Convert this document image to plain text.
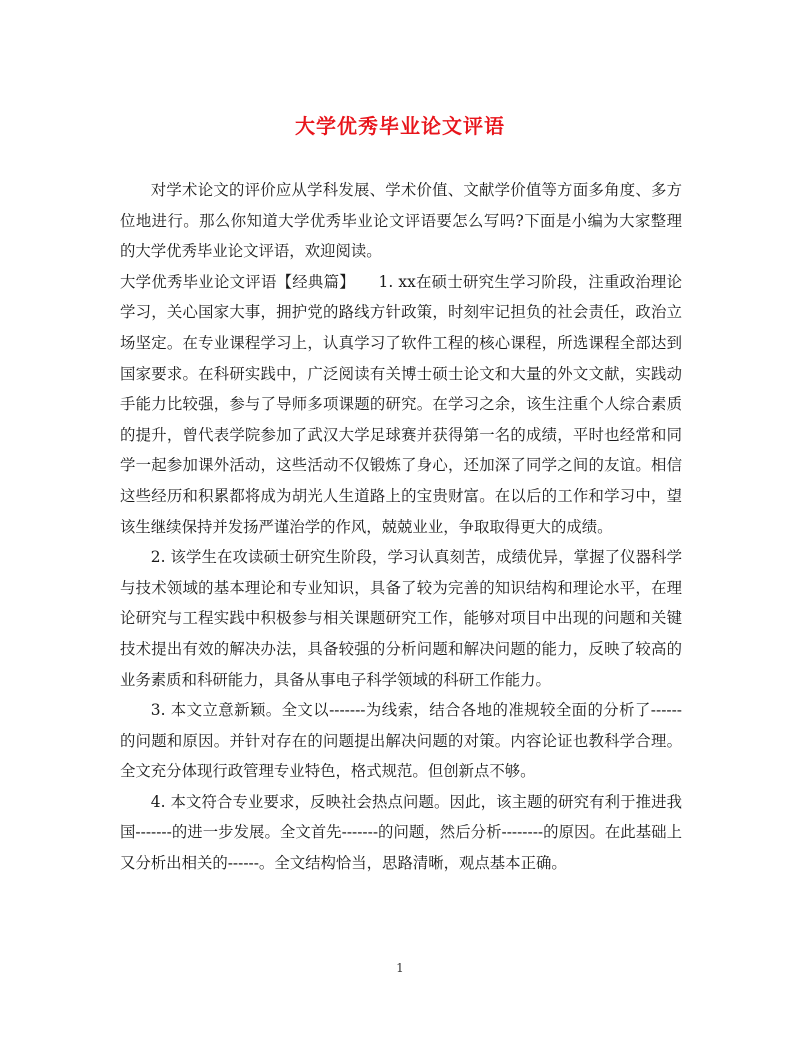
大学优秀毕业论文评语

对学术论文的评价应从学科发展、学术价值、文献学价值等方面多角度、多方位地进行。那么你知道大学优秀毕业论文评语要怎么写吗?下面是小编为大家整理的大学优秀毕业论文评语，欢迎阅读。

大学优秀毕业论文评语【经典篇】　　1. xx在硕士研究生学习阶段，注重政治理论学习，关心国家大事，拥护党的路线方针政策，时刻牢记担负的社会责任，政治立场坚定。在专业课程学习上，认真学习了软件工程的核心课程，所选课程全部达到国家要求。在科研实践中，广泛阅读有关博士硕士论文和大量的外文文献，实践动手能力比较强，参与了导师多项课题的研究。在学习之余，该生注重个人综合素质的提升，曾代表学院参加了武汉大学足球赛并获得第一名的成绩，平时也经常和同学一起参加课外活动，这些活动不仅锻炼了身心，还加深了同学之间的友谊。相信这些经历和积累都将成为胡光人生道路上的宝贵财富。在以后的工作和学习中，望该生继续保持并发扬严谨治学的作风，兢兢业业，争取取得更大的成绩。

2. 该学生在攻读硕士研究生阶段，学习认真刻苦，成绩优异，掌握了仪器科学与技术领域的基本理论和专业知识，具备了较为完善的知识结构和理论水平，在理论研究与工程实践中积极参与相关课题研究工作，能够对项目中出现的问题和关键技术提出有效的解决办法，具备较强的分析问题和解决问题的能力，反映了较高的业务素质和科研能力，具备从事电子科学领域的科研工作能力。

3. 本文立意新颖。全文以-------为线索，结合各地的准规较全面的分析了------的问题和原因。并针对存在的问题提出解决问题的对策。内容论证也教科学合理。全文充分体现行政管理专业特色，格式规范。但创新点不够。

4. 本文符合专业要求，反映社会热点问题。因此，该主题的研究有利于推进我国-------的进一步发展。全文首先-------的问题，然后分析--------的原因。在此基础上又分析出相关的------。全文结构恰当，思路清晰，观点基本正确。

1
